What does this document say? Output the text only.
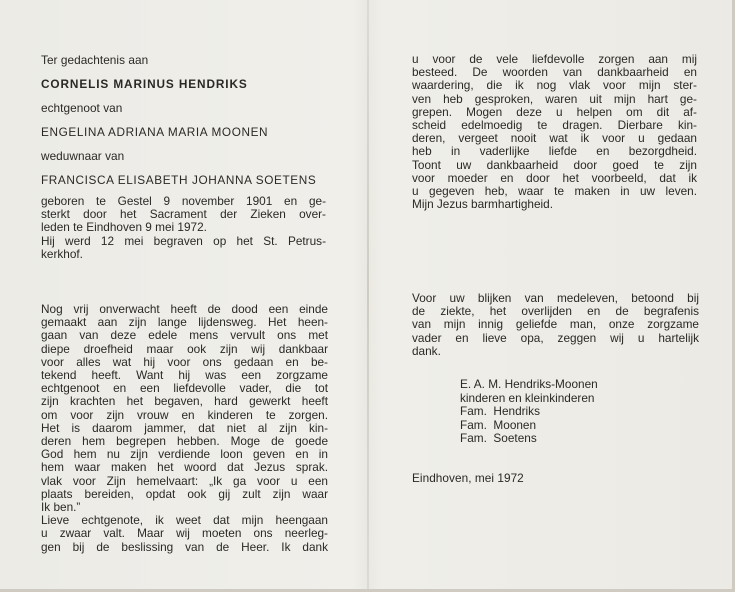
Ter gedachtenis aan

CORNELIS MARINUS HENDRIKS

echtgenoot van

ENGELINA ADRIANA MARIA MOONEN

weduwnaar van

FRANCISCA ELISABETH JOHANNA SOETENS

geboren te Gestel 9 november 1901 en ge-
sterkt door het Sacrament der Zieken over-
leden te Eindhoven 9 mei 1972.
Hij werd 12 mei begraven op het St. Petrus-
kerkhof.
Nog vrij onverwacht heeft de dood een einde
gemaakt aan zijn lange lijdensweg. Het heen-
gaan van deze edele mens vervult ons met
diepe droefheid maar ook zijn wij dankbaar
voor alles wat hij voor ons gedaan en be-
tekend heeft. Want hij was een zorgzame
echtgenoot en een liefdevolle vader, die tot
zijn krachten het begaven, hard gewerkt heeft
om voor zijn vrouw en kinderen te zorgen.
Het is daarom jammer, dat niet al zijn kin-
deren hem begrepen hebben. Moge de goede
God hem nu zijn verdiende loon geven en in
hem waar maken het woord dat Jezus sprak.
vlak voor Zijn hemelvaart: „Ik ga voor u een
plaats bereiden, opdat ook gij zult zijn waar
Ik ben.”
Lieve echtgenote, ik weet dat mijn heengaan
u zwaar valt. Maar wij moeten ons neerleg-
gen bij de beslissing van de Heer. Ik dank
u voor de vele liefdevolle zorgen aan mij
besteed. De woorden van dankbaarheid en
waardering, die ik nog vlak voor mijn ster-
ven heb gesproken, waren uit mijn hart ge-
grepen. Mogen deze u helpen om dit af-
scheid edelmoedig te dragen. Dierbare kin-
deren, vergeet nooit wat ik voor u gedaan
heb in vaderlijke liefde en bezorgdheid.
Toont uw dankbaarheid door goed te zijn
voor moeder en door het voorbeeld, dat ik
u gegeven heb, waar te maken in uw leven.
Mijn Jezus barmhartigheid.
Voor uw blijken van medeleven, betoond bij
de ziekte, het overlijden en de begrafenis
van mijn innig geliefde man, onze zorgzame
vader en lieve opa, zeggen wij u hartelijk
dank.
E. A. M. Hendriks-Moonen
kinderen en kleinkinderen
Fam.  Hendriks
Fam.  Moonen
Fam.  Soetens

Eindhoven, mei 1972
